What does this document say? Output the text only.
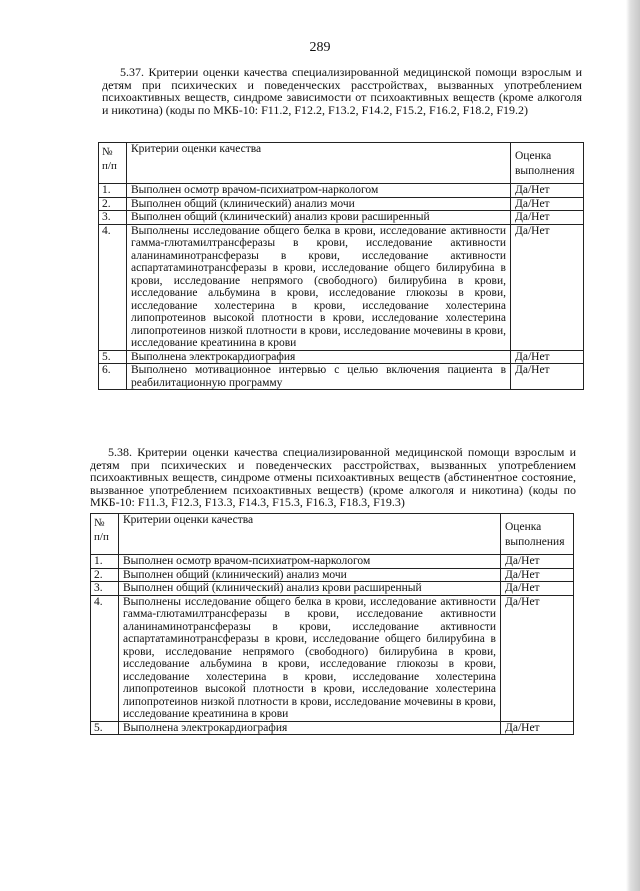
289

5.37. Критерии оценки качества специализированной медицинской помощи взрослым и детям при психических и поведенческих расстройствах, вызванных употреблением психоактивных веществ, синдроме зависимости от психоактивных веществ (кроме алкоголя и никотина) (коды по МКБ-10: F11.2, F12.2, F13.2, F14.2, F15.2, F16.2, F18.2, F19.2)

№ п/п	Критерии оценки качества	Оценка выполнения
1.	Выполнен осмотр врачом-психиатром-наркологом	Да/Нет
2.	Выполнен общий (клинический) анализ мочи	Да/Нет
3.	Выполнен общий (клинический) анализ крови расширенный	Да/Нет
4.	Выполнены исследование общего белка в крови, исследование активности гамма-глютамилтрансферазы в крови, исследование активности аланинаминотрансферазы в крови, исследование активности аспартатаминотрансферазы в крови, исследование общего билирубина в крови, исследование непрямого (свободного) билирубина в крови, исследование альбумина в крови, исследование глюкозы в крови, исследование холестерина в крови, исследование холестерина липопротеинов высокой плотности в крови, исследование холестерина липопротеинов низкой плотности в крови, исследование мочевины в крови, исследование креатинина в крови	Да/Нет
5.	Выполнена электрокардиография	Да/Нет
6.	Выполнено мотивационное интервью с целью включения пациента в реабилитационную программу	Да/Нет

5.38. Критерии оценки качества специализированной медицинской помощи взрослым и детям при психических и поведенческих расстройствах, вызванных употреблением психоактивных веществ, синдроме отмены психоактивных веществ (абстинентное состояние, вызванное употреблением психоактивных веществ) (кроме алкоголя и никотина) (коды по МКБ-10: F11.3, F12.3, F13.3, F14.3, F15.3, F16.3, F18.3, F19.3)

№ п/п	Критерии оценки качества	Оценка выполнения
1.	Выполнен осмотр врачом-психиатром-наркологом	Да/Нет
2.	Выполнен общий (клинический) анализ мочи	Да/Нет
3.	Выполнен общий (клинический) анализ крови расширенный	Да/Нет
4.	Выполнены исследование общего белка в крови, исследование активности гамма-глютамилтрансферазы в крови, исследование активности аланинаминотрансферазы в крови, исследование активности аспартатаминотрансферазы в крови, исследование общего билирубина в крови, исследование непрямого (свободного) билирубина в крови, исследование альбумина в крови, исследование глюкозы в крови, исследование холестерина в крови, исследование холестерина липопротеинов высокой плотности в крови, исследование холестерина липопротеинов низкой плотности в крови, исследование мочевины в крови, исследование креатинина в крови	Да/Нет
5.	Выполнена электрокардиография	Да/Нет
